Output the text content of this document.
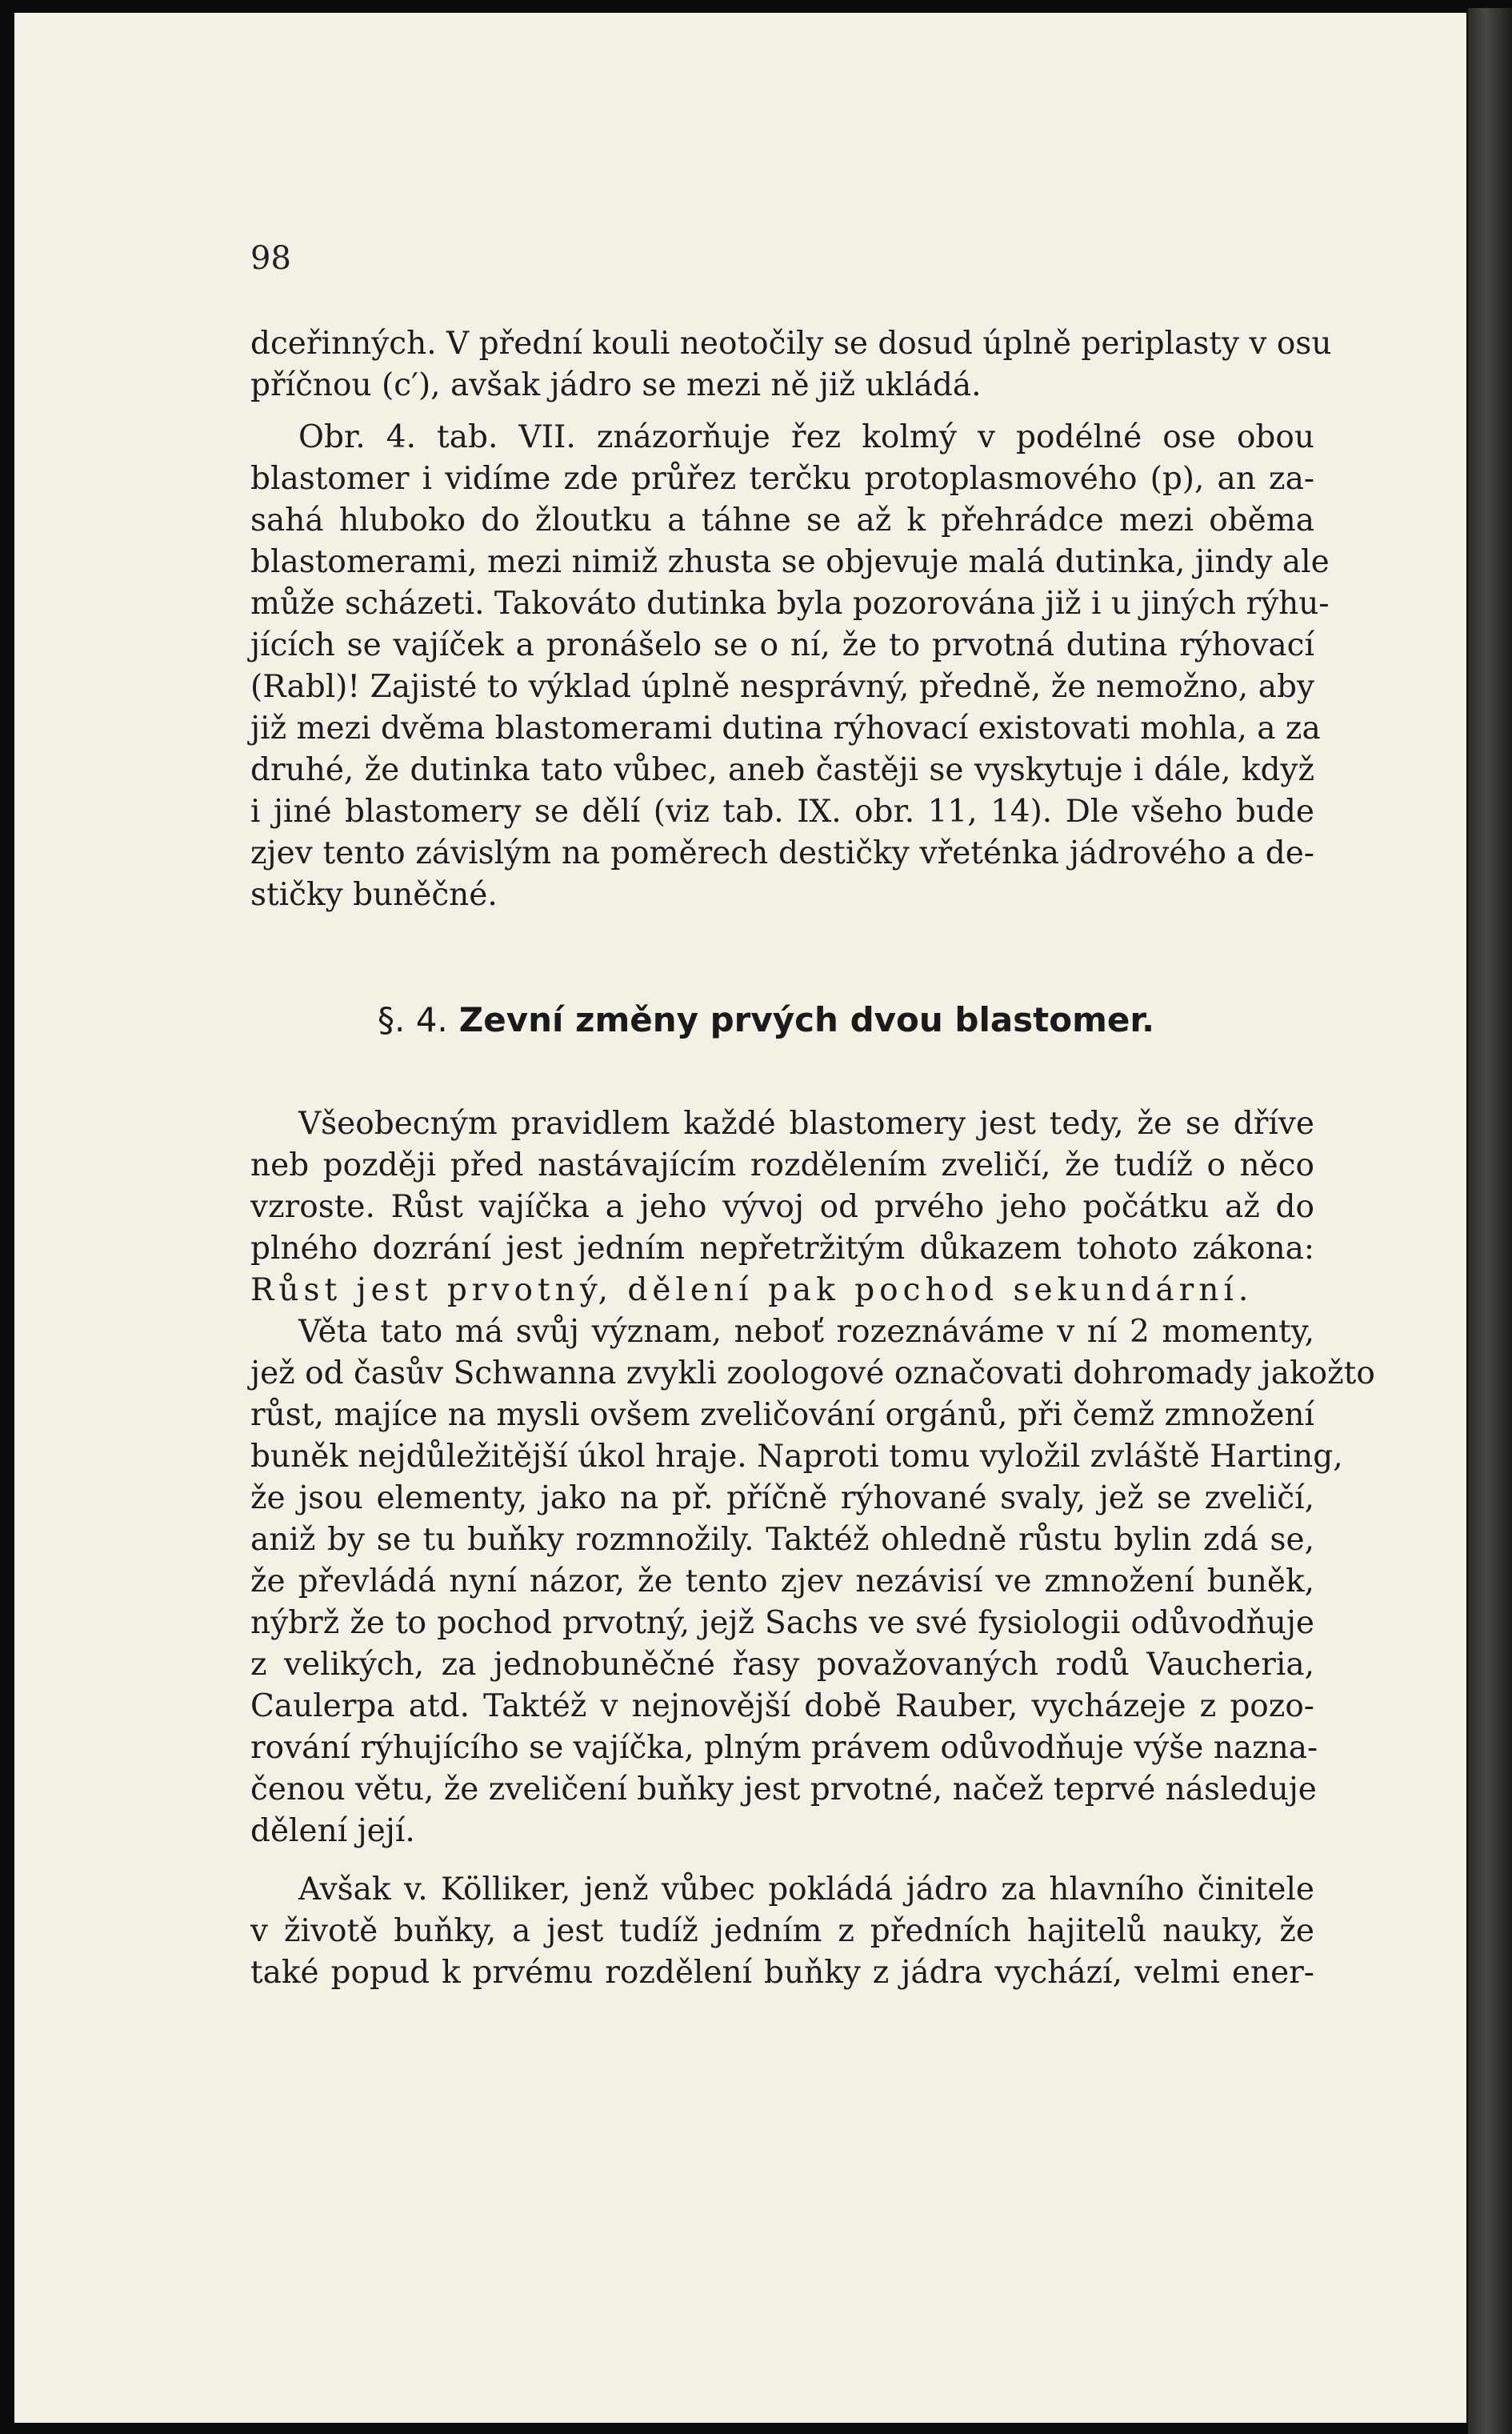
98
dceřinných. V přední kouli neotočily se dosud úplně periplasty v osu
příčnou (c′), avšak jádro se mezi ně již ukládá.
Obr. 4. tab. VII. znázorňuje řez kolmý v podélné ose obou
blastomer i vidíme zde průřez terčku protoplasmového (p), an za-
sahá hluboko do žloutku a táhne se až k přehrádce mezi oběma
blastomerami, mezi nimiž zhusta se objevuje malá dutinka, jindy ale
může scházeti. Takováto dutinka byla pozorována již i u jiných rýhu-
jících se vajíček a pronášelo se o ní, že to prvotná dutina rýhovací
(Rabl)! Zajisté to výklad úplně nesprávný, předně, že nemožno, aby
již mezi dvěma blastomerami dutina rýhovací existovati mohla, a za
druhé, že dutinka tato vůbec, aneb častěji se vyskytuje i dále, když
i jiné blastomery se dělí (viz tab. IX. obr. 11, 14). Dle všeho bude
zjev tento závislým na poměrech destičky vřeténka jádrového a de-
stičky buněčné.
§. 4. Zevní změny prvých dvou blastomer.
Všeobecným pravidlem každé blastomery jest tedy, že se dříve
neb později před nastávajícím rozdělením zveličí, že tudíž o něco
vzroste. Růst vajíčka a jeho vývoj od prvého jeho počátku až do
plného dozrání jest jedním nepřetržitým důkazem tohoto zákona:
Růst jest prvotný, dělení pak pochod sekundární.
Věta tato má svůj význam, neboť rozeznáváme v ní 2 momenty,
jež od časův Schwanna zvykli zoologové označovati dohromady jakožto
růst, majíce na mysli ovšem zveličování orgánů, při čemž zmnožení
buněk nejdůležitější úkol hraje. Naproti tomu vyložil zvláště Harting,
že jsou elementy, jako na př. příčně rýhované svaly, jež se zveličí,
aniž by se tu buňky rozmnožily. Taktéž ohledně růstu bylin zdá se,
že převládá nyní názor, že tento zjev nezávisí ve zmnožení buněk,
nýbrž že to pochod prvotný, jejž Sachs ve své fysiologii odůvodňuje
z velikých, za jednobuněčné řasy považovaných rodů Vaucheria,
Caulerpa atd. Taktéž v nejnovější době Rauber, vycházeje z pozo-
rování rýhujícího se vajíčka, plným právem odůvodňuje výše nazna-
čenou větu, že zveličení buňky jest prvotné, načež teprvé následuje
dělení její.
Avšak v. Kölliker, jenž vůbec pokládá jádro za hlavního činitele
v životě buňky, a jest tudíž jedním z předních hajitelů nauky, že
také popud k prvému rozdělení buňky z jádra vychází, velmi ener-
